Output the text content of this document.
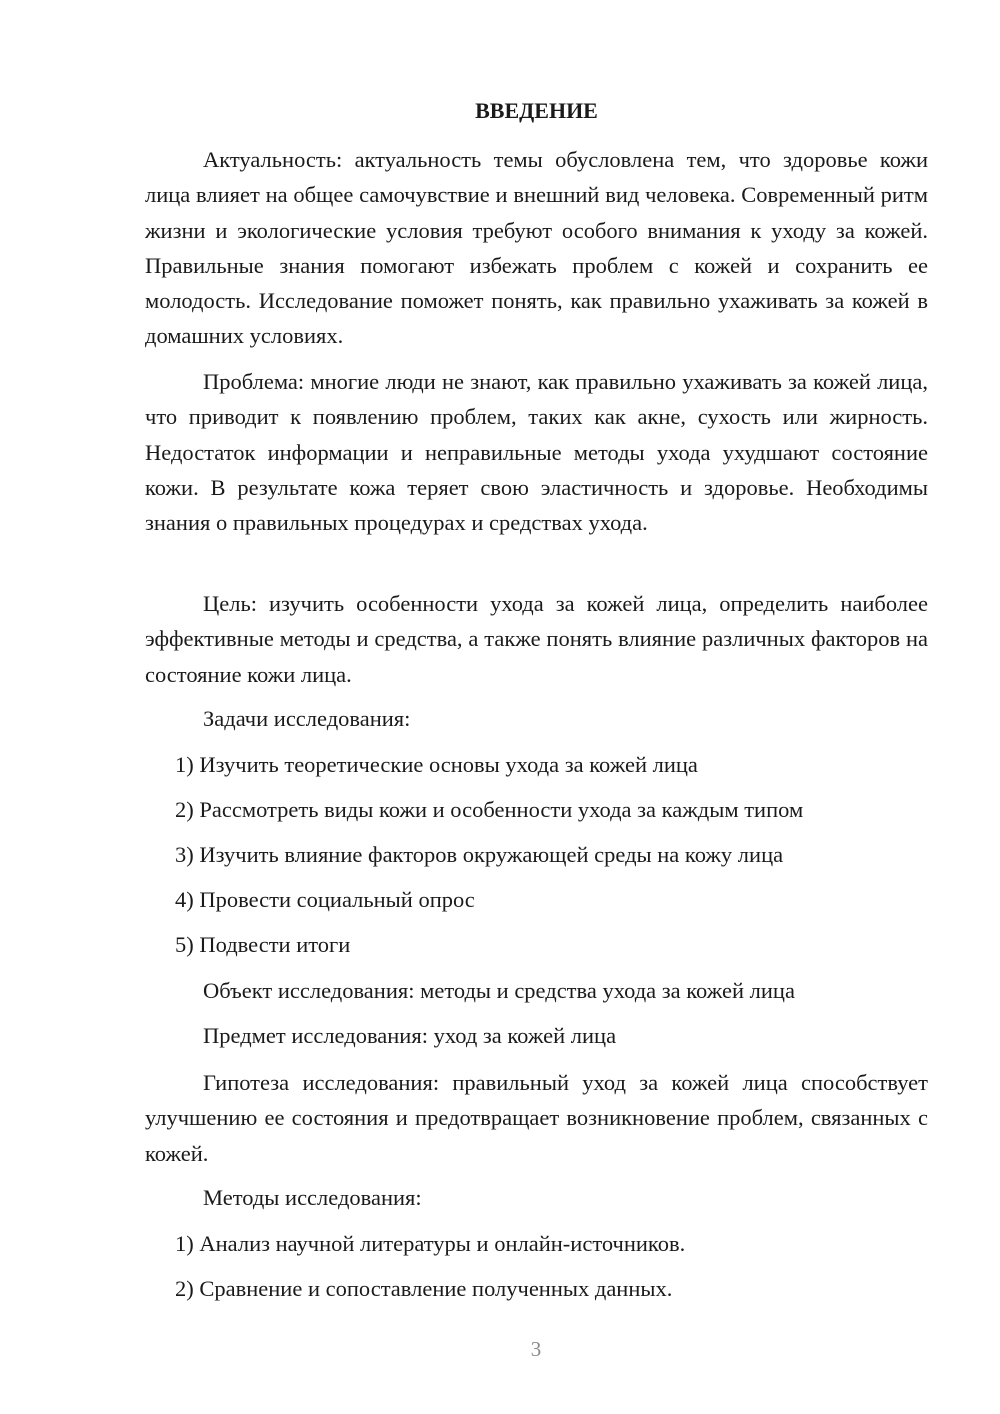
ВВЕДЕНИЕ

Актуальность: актуальность темы обусловлена тем, что здоровье кожи лица влияет на общее самочувствие и внешний вид человека. Современный ритм жизни и экологические условия требуют особого внимания к уходу за кожей. Правильные знания помогают избежать проблем с кожей и сохранить ее молодость. Исследование поможет понять, как правильно ухаживать за кожей в домашних условиях.

Проблема: многие люди не знают, как правильно ухаживать за кожей лица, что приводит к появлению проблем, таких как акне, сухость или жирность. Недостаток информации и неправильные методы ухода ухудшают состояние кожи. В результате кожа теряет свою эластичность и здоровье. Необходимы знания о правильных процедурах и средствах ухода.

Цель: изучить особенности ухода за кожей лица, определить наиболее эффективные методы и средства, а также понять влияние различных факторов на состояние кожи лица.

Задачи исследования:

1) Изучить теоретические основы ухода за кожей лица

2) Рассмотреть виды кожи и особенности ухода за каждым типом

3) Изучить влияние факторов окружающей среды на кожу лица

4) Провести социальный опрос

5) Подвести итоги

Объект исследования: методы и средства ухода за кожей лица

Предмет исследования: уход за кожей лица

Гипотеза исследования: правильный уход за кожей лица способствует улучшению ее состояния и предотвращает возникновение проблем, связанных с кожей.

Методы исследования:

1) Анализ научной литературы и онлайн-источников.

2) Сравнение и сопоставление полученных данных.

3
